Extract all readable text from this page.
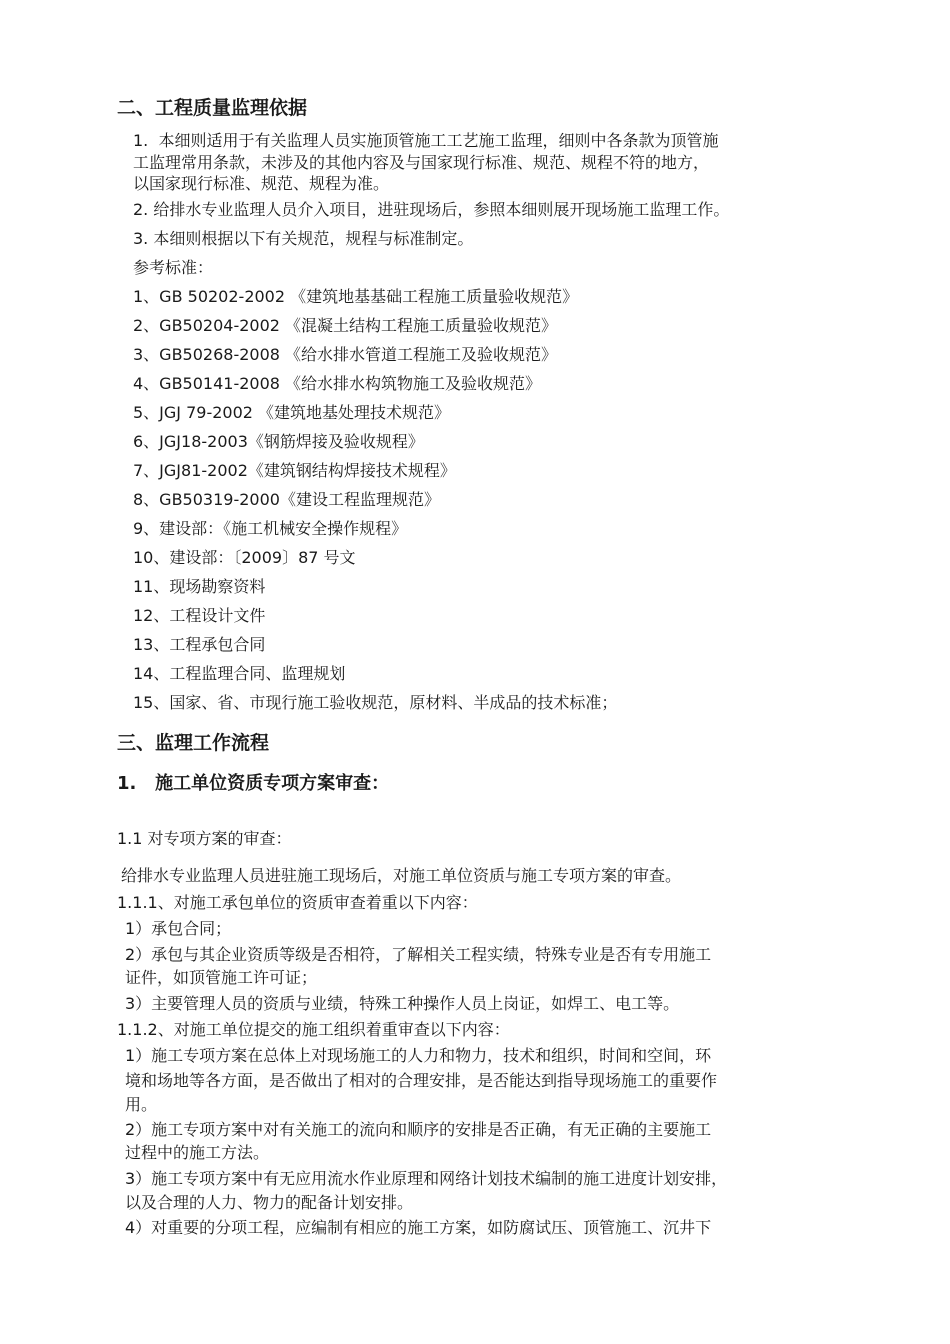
二、工程质量监理依据
1.  本细则适用于有关监理人员实施顶管施工工艺施工监理，细则中各条款为顶管施
工监理常用条款，未涉及的其他内容及与国家现行标准、规范、规程不符的地方，
以国家现行标准、规范、规程为准。
2. 给排水专业监理人员介入项目，进驻现场后，参照本细则展开现场施工监理工作。
3. 本细则根据以下有关规范，规程与标准制定。
参考标准：
1、GB 50202-2002 《建筑地基基础工程施工质量验收规范》
2、GB50204-2002 《混凝土结构工程施工质量验收规范》
3、GB50268-2008 《给水排水管道工程施工及验收规范》
4、GB50141-2008 《给水排水构筑物施工及验收规范》
5、JGJ 79-2002 《建筑地基处理技术规范》
6、JGJ18-2003《钢筋焊接及验收规程》
7、JGJ81-2002《建筑钢结构焊接技术规程》
8、GB50319-2000《建设工程监理规范》
9、建设部：《施工机械安全操作规程》
10、建设部：〔2009〕87 号文
11、现场勘察资料
12、工程设计文件
13、工程承包合同
14、工程监理合同、监理规划
15、国家、省、市现行施工验收规范，原材料、半成品的技术标准；
三、监理工作流程
1.   施工单位资质专项方案审查：
1.1 对专项方案的审查：
给排水专业监理人员进驻施工现场后，对施工单位资质与施工专项方案的审查。
1.1.1、对施工承包单位的资质审查着重以下内容：
1）承包合同；
2）承包与其企业资质等级是否相符，了解相关工程实绩，特殊专业是否有专用施工
证件，如顶管施工许可证；
3）主要管理人员的资质与业绩，特殊工种操作人员上岗证，如焊工、电工等。
1.1.2、对施工单位提交的施工组织着重审查以下内容：
1）施工专项方案在总体上对现场施工的人力和物力，技术和组织，时间和空间，环
境和场地等各方面，是否做出了相对的合理安排，是否能达到指导现场施工的重要作
用。
2）施工专项方案中对有关施工的流向和顺序的安排是否正确，有无正确的主要施工
过程中的施工方法。
3）施工专项方案中有无应用流水作业原理和网络计划技术编制的施工进度计划安排，
以及合理的人力、物力的配备计划安排。
4）对重要的分项工程，应编制有相应的施工方案，如防腐试压、顶管施工、沉井下
